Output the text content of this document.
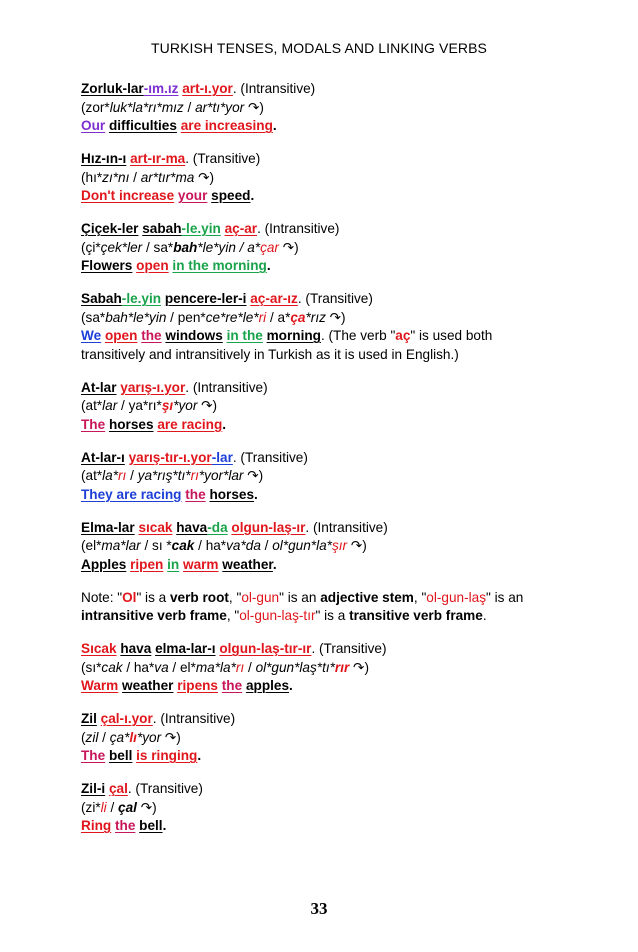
TURKISH TENSES, MODALS AND LINKING VERBS
Zorluk-lar-ım.ız art-ı.yor. (Intransitive)
(zor*luk*la*rı*mız / ar*tı*yor ↷)
Our difficulties are increasing.
Hız-ın-ı art-ır-ma. (Transitive)
(hı*zı*nı / ar*tır*ma ↷)
Don't increase your speed.
Çiçek-ler sabah-le.yin aç-ar. (Intransitive)
(çi*çek*ler / sa*bah*le*yin / a*çar ↷)
Flowers open in the morning.
Sabah-le.yin pencere-ler-i aç-ar-ız. (Transitive)
(sa*bah*le*yin / pen*ce*re*le*ri / a*ça*rız ↷)
We open the windows in the morning. (The verb "aç" is used both
transitively and intransitively in Turkish as it is used in English.)
At-lar yarış-ı.yor. (Intransitive)
(at*lar / ya*rı*şı*yor ↷)
The horses are racing.
At-lar-ı yarış-tır-ı.yor-lar. (Transitive)
(at*la*rı / ya*rış*tı*rı*yor*lar ↷)
They are racing the horses.
Elma-lar sıcak hava-da olgun-laş-ır. (Intransitive)
(el*ma*lar / sı *cak / ha*va*da / ol*gun*la*şır ↷)
Apples ripen in warm weather.
Note: "Ol" is a verb root, "ol-gun" is an adjective stem, "ol-gun-laş" is an
intransitive verb frame, "ol-gun-laş-tır" is a transitive verb frame.
Sıcak hava elma-lar-ı olgun-laş-tır-ır. (Transitive)
(sı*cak / ha*va / el*ma*la*rı / ol*gun*laş*tı*rır ↷)
Warm weather ripens the apples.
Zil çal-ı.yor. (Intransitive)
(zil / ça*lı*yor ↷)
The bell is ringing.
Zil-i çal. (Transitive)
(zi*li / çal ↷)
Ring the bell.
33
